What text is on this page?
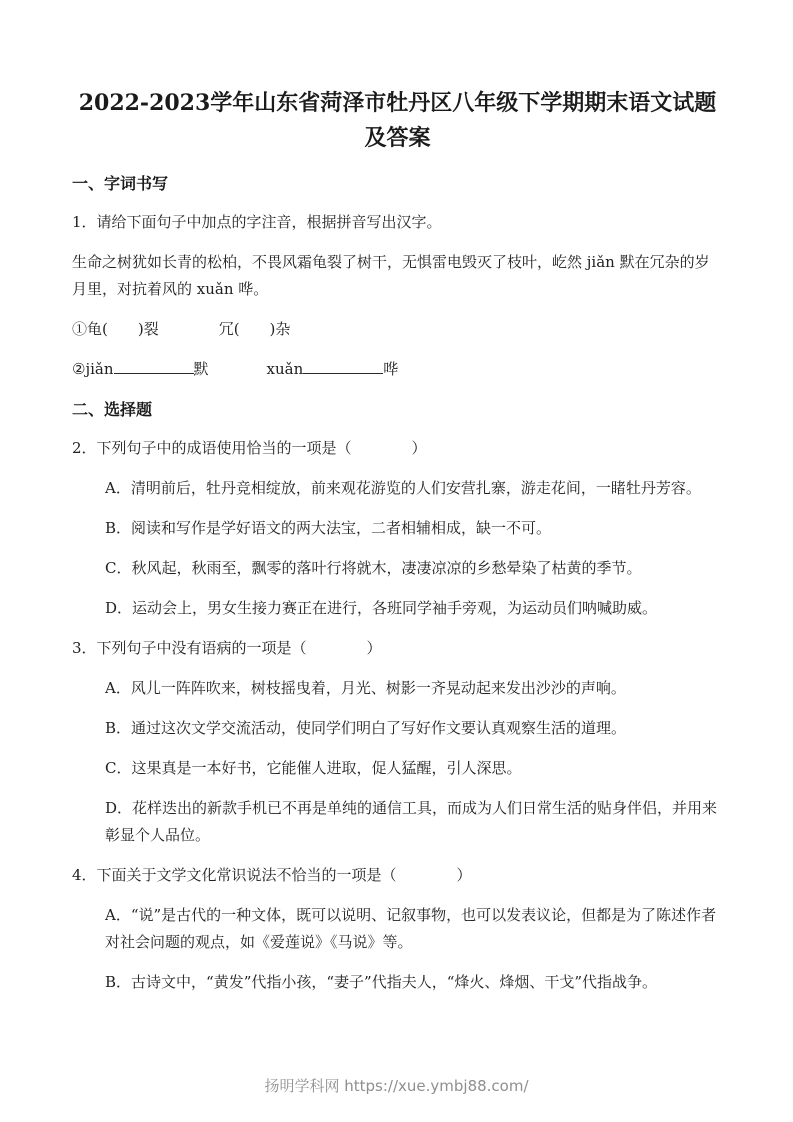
2022-2023学年山东省菏泽市牡丹区八年级下学期期末语文试题及答案
一、字词书写

1．请给下面句子中加点的字注音，根据拼音写出汉字。

生命之树犹如长青的松柏，不畏风霜龟裂了树干，无惧雷电毁灭了枝叶，屹然 jiǎn 默在冗杂的岁月里，对抗着风的 xuǎn 哗。

①龟(　　)裂　　　　冗(　　)杂

②jiǎn	默	xuǎn	哗

二、选择题

2．下列句子中的成语使用恰当的一项是（　　　　）

A．清明前后，牡丹竞相绽放，前来观花游览的人们安营扎寨，游走花间，一睹牡丹芳容。

B．阅读和写作是学好语文的两大法宝，二者相辅相成，缺一不可。

C．秋风起，秋雨至，飘零的落叶行将就木，凄凄凉凉的乡愁晕染了枯黄的季节。

D．运动会上，男女生接力赛正在进行，各班同学袖手旁观，为运动员们呐喊助威。

3．下列句子中没有语病的一项是（　　　　）

A．风儿一阵阵吹来，树枝摇曳着，月光、树影一齐晃动起来发出沙沙的声响。

B．通过这次文学交流活动，使同学们明白了写好作文要认真观察生活的道理。

C．这果真是一本好书，它能催人进取，促人猛醒，引人深思。

D．花样迭出的新款手机已不再是单纯的通信工具，而成为人们日常生活的贴身伴侣，并用来彰显个人品位。

4．下面关于文学文化常识说法不恰当的一项是（　　　　）

A．“说”是古代的一种文体，既可以说明、记叙事物，也可以发表议论，但都是为了陈述作者对社会问题的观点，如《爱莲说》《马说》等。

B．古诗文中，“黄发”代指小孩，“妻子”代指夫人，“烽火、烽烟、干戈”代指战争。

扬明学科网 https://xue.ymbj88.com/
